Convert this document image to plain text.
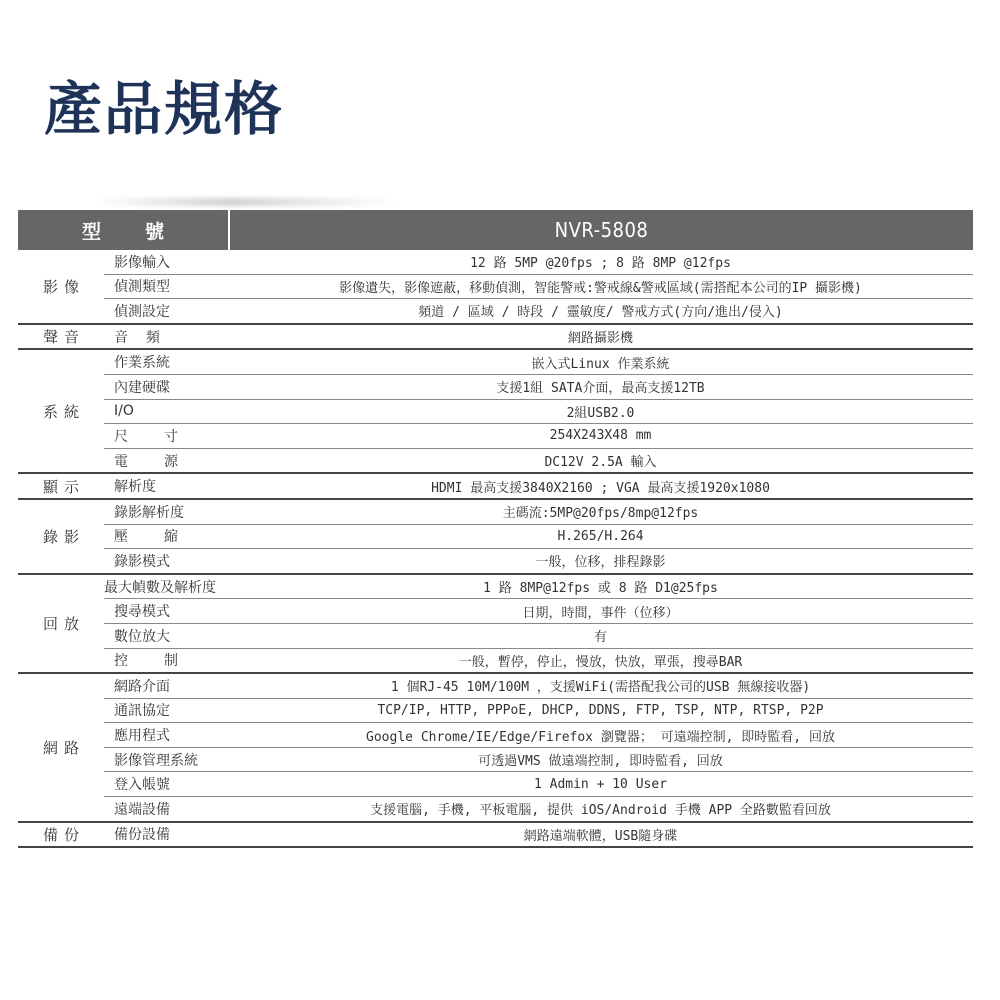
產品規格
型號	NVR-5808
影像
影像輸入	12 路 5MP @20fps ; 8 路 8MP @12fps
偵測類型	影像遺失，影像遮蔽，移動偵測，智能警戒:警戒線&警戒區域(需搭配本公司的IP 攝影機)
偵測設定	頻道 / 區域 / 時段 / 靈敏度/ 警戒方式(方向/進出/侵入)
聲音	音頻	網路攝影機
系統
作業系統	嵌入式Linux 作業系統
內建硬碟	支援1組 SATA介面，最高支援12TB
I/O	2組USB2.0
尺寸	254X243X48 mm
電源	DC12V 2.5A 輸入
顯示	解析度	HDMI 最高支援3840X2160 ; VGA 最高支援1920x1080
錄影
錄影解析度	主碼流:5MP@20fps/8mp@12fps
壓縮	H.265/H.264
錄影模式	一般，位移，排程錄影
回放
最大幀數及解析度	1 路 8MP@12fps 或 8 路 D1@25fps
搜尋模式	日期，時間，事件（位移）
數位放大	有
控制	一般，暫停，停止，慢放，快放，單張，搜尋BAR
網路
網路介面	1 個RJ-45 10M/100M ，支援WiFi(需搭配我公司的USB 無線接收器)
通訊協定	TCP/IP, HTTP, PPPoE, DHCP, DDNS, FTP, TSP, NTP, RTSP, P2P
應用程式	Google Chrome/IE/Edge/Firefox 瀏覽器； 可遠端控制, 即時監看, 回放
影像管理系統	可透過VMS 做遠端控制, 即時監看, 回放
登入帳號	1 Admin + 10 User
遠端設備	支援電腦, 手機, 平板電腦, 提供 iOS/Android 手機 APP 全路數監看回放
備份	備份設備	網路遠端軟體，USB隨身碟
